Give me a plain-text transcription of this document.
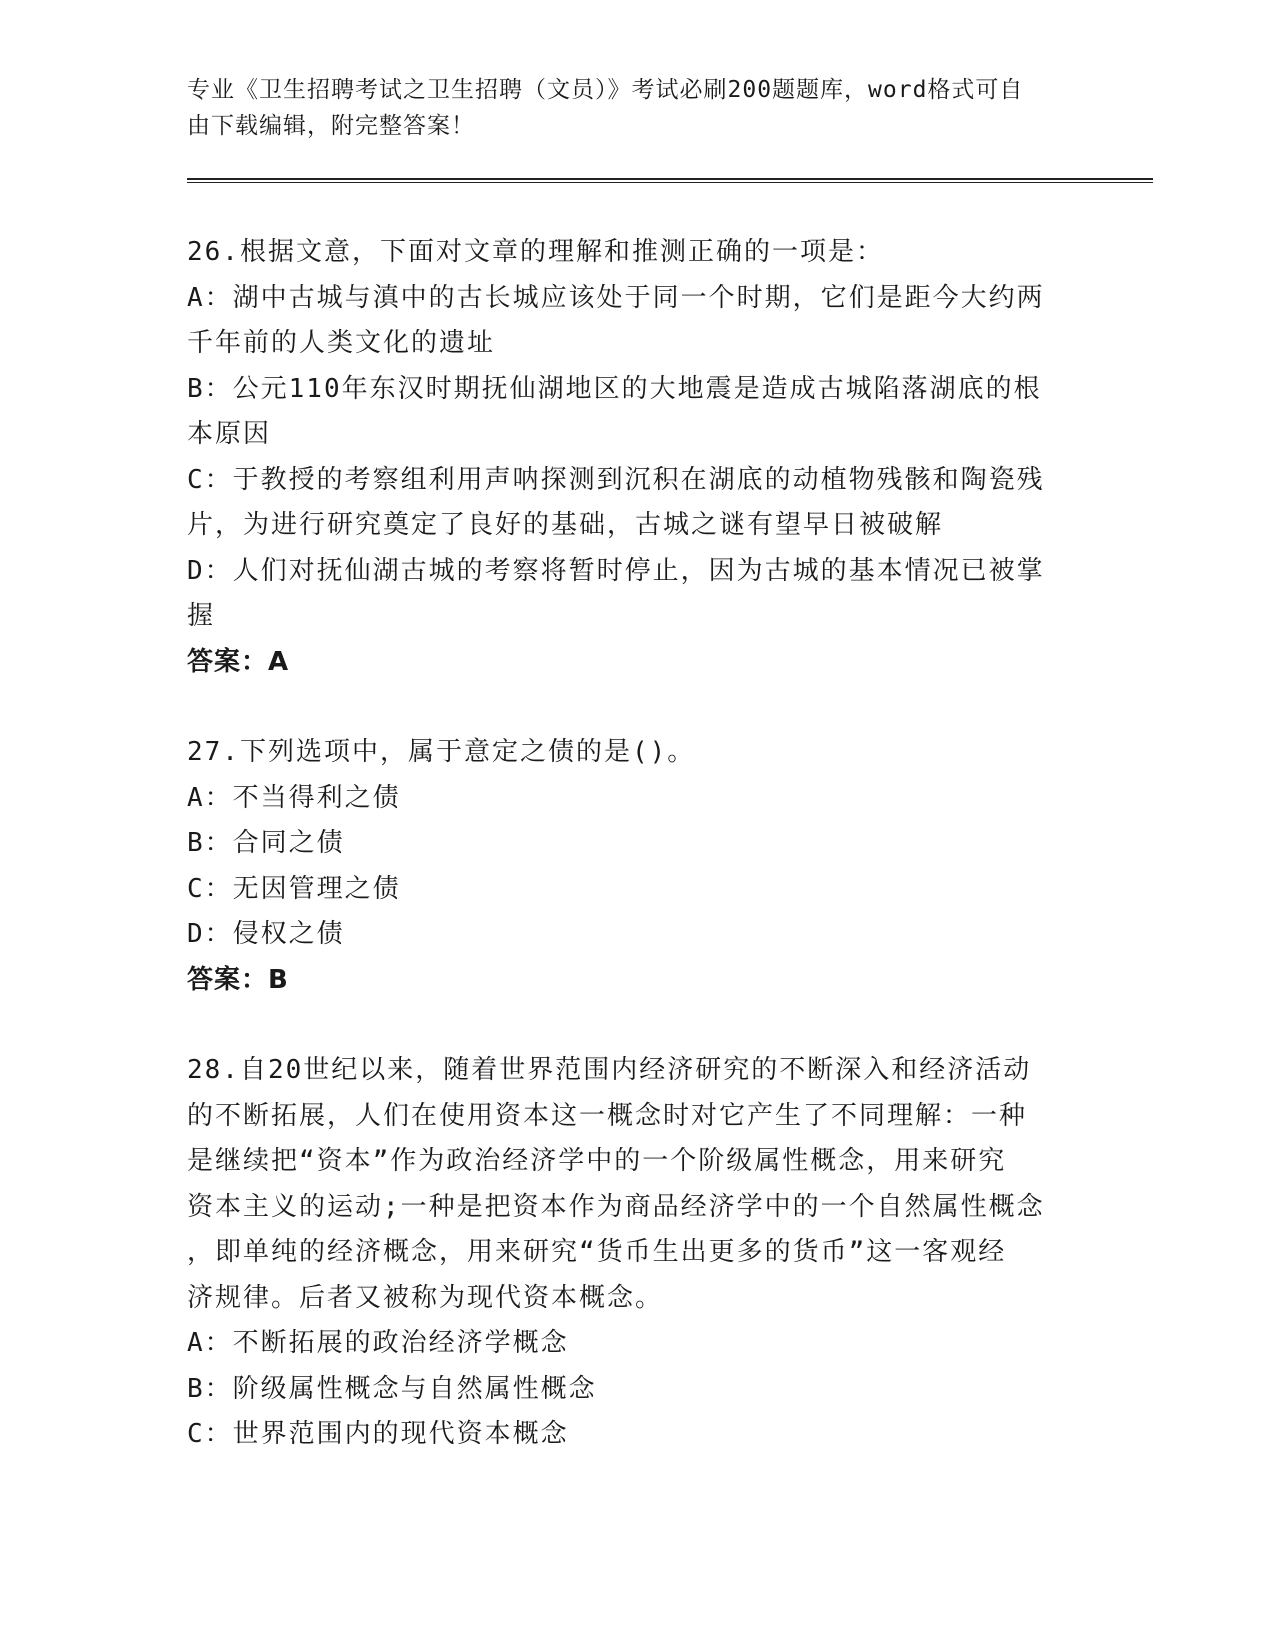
专业《卫生招聘考试之卫生招聘（文员）》考试必刷200题题库，word格式可自
由下载编辑，附完整答案！
26.根据文意，下面对文章的理解和推测正确的一项是：
A：湖中古城与滇中的古长城应该处于同一个时期，它们是距今大约两
千年前的人类文化的遗址
B：公元110年东汉时期抚仙湖地区的大地震是造成古城陷落湖底的根
本原因
C：于教授的考察组利用声呐探测到沉积在湖底的动植物残骸和陶瓷残
片，为进行研究奠定了良好的基础，古城之谜有望早日被破解
D：人们对抚仙湖古城的考察将暂时停止，因为古城的基本情况已被掌
握
答案：A
27.下列选项中，属于意定之债的是()。
A：不当得利之债
B：合同之债
C：无因管理之债
D：侵权之债
答案：B
28.自20世纪以来，随着世界范围内经济研究的不断深入和经济活动
的不断拓展，人们在使用资本这一概念时对它产生了不同理解：一种
是继续把“资本”作为政治经济学中的一个阶级属性概念，用来研究
资本主义的运动;一种是把资本作为商品经济学中的一个自然属性概念
，即单纯的经济概念，用来研究“货币生出更多的货币”这一客观经
济规律。后者又被称为现代资本概念。
A：不断拓展的政治经济学概念
B：阶级属性概念与自然属性概念
C：世界范围内的现代资本概念
